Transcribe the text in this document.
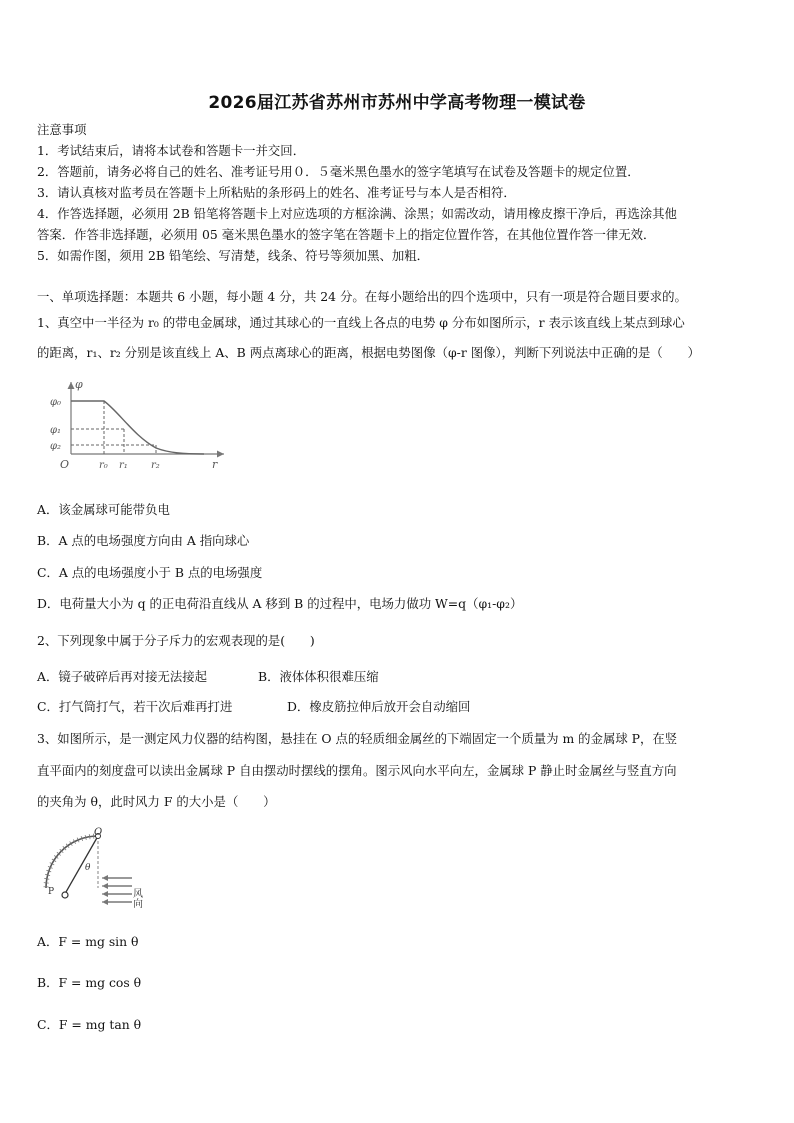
2026届江苏省苏州市苏州中学高考物理一模试卷
注意事项
1．考试结束后，请将本试卷和答题卡一并交回．
2．答题前，请务必将自己的姓名、准考证号用０．５毫米黑色墨水的签字笔填写在试卷及答题卡的规定位置．
3．请认真核对监考员在答题卡上所粘贴的条形码上的姓名、准考证号与本人是否相符．
4．作答选择题，必须用 2B 铅笔将答题卡上对应选项的方框涂满、涂黑；如需改动，请用橡皮擦干净后，再选涂其他
答案．作答非选择题，必须用 05 毫米黑色墨水的签字笔在答题卡上的指定位置作答，在其他位置作答一律无效．
5．如需作图，须用 2B 铅笔绘、写清楚，线条、符号等须加黑、加粗．
一、单项选择题：本题共 6 小题，每小题 4 分，共 24 分。在每小题给出的四个选项中，只有一项是符合题目要求的。
1、真空中一半径为 r₀ 的带电金属球，通过其球心的一直线上各点的电势 φ 分布如图所示，r 表示该直线上某点到球心
的距离，r₁、r₂ 分别是该直线上 A、B 两点离球心的距离，根据电势图像（φ-r 图像），判断下列说法中正确的是（　　）
φ
r
O
φ₀
φ₁
φ₂
r₀ r₁ r₂
A．该金属球可能带负电
B．A 点的电场强度方向由 A 指向球心
C．A 点的电场强度小于 B 点的电场强度
D．电荷量大小为 q 的正电荷沿直线从 A 移到 B 的过程中，电场力做功 W=q（φ₁-φ₂）
2、下列现象中属于分子斥力的宏观表现的是(　　)
A．镜子破碎后再对接无法接起	B．液体体积很难压缩
C．打气筒打气，若干次后难再打进	D．橡皮筋拉伸后放开会自动缩回
3、如图所示，是一测定风力仪器的结构图，悬挂在 O 点的轻质细金属丝的下端固定一个质量为 m 的金属球 P，在竖
直平面内的刻度盘可以读出金属球 P 自由摆动时摆线的摆角。图示风向水平向左，金属球 P 静止时金属丝与竖直方向
的夹角为 θ，此时风力 F 的大小是（　　）
O
P
θ
风向
A．F = mg sin θ
B．F = mg cos θ
C．F = mg tan θ
